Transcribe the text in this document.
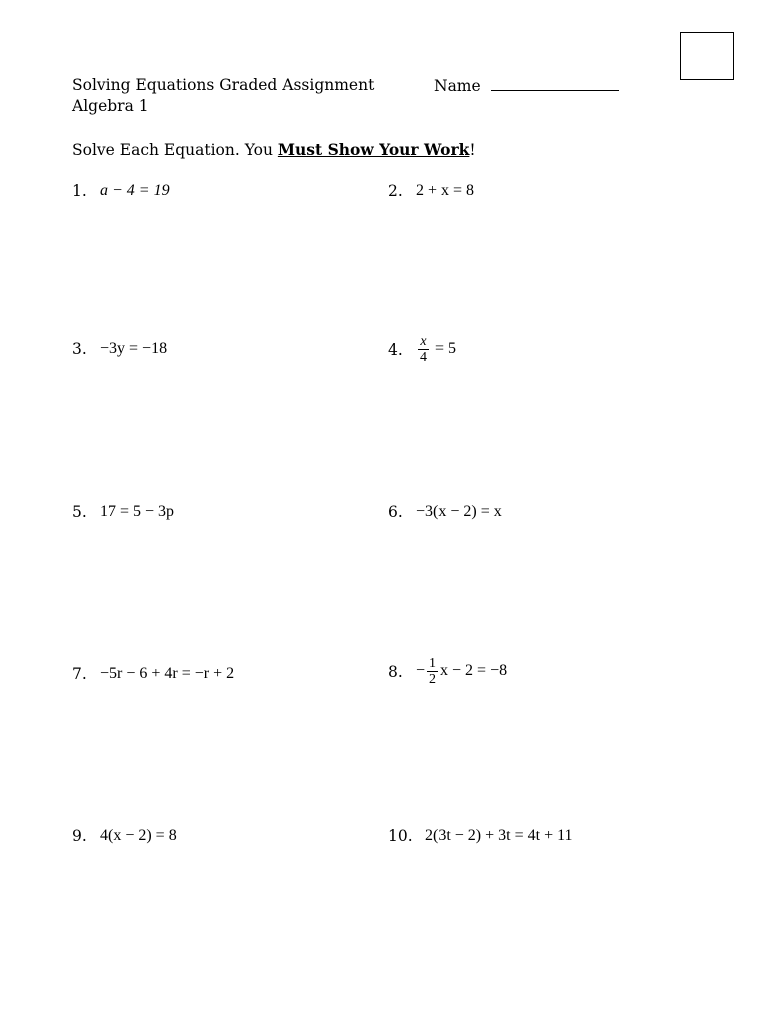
Solving Equations Graded Assignment
Algebra 1
Name
Solve Each Equation. You Must Show Your Work!
1. a − 4 = 19	2. 2 + x = 8
3. −3y = −18	4.	$\frac{x}{4} = 5$
5. 17 = 5 − 3p	6. −3(x − 2) = x
7. −5r − 6 + 4r = −r + 2	8. − $\frac{1}{2}$ x − 2 = −8
9. 4(x − 2) = 8	10. 2(3t − 2) + 3t = 4t + 11
